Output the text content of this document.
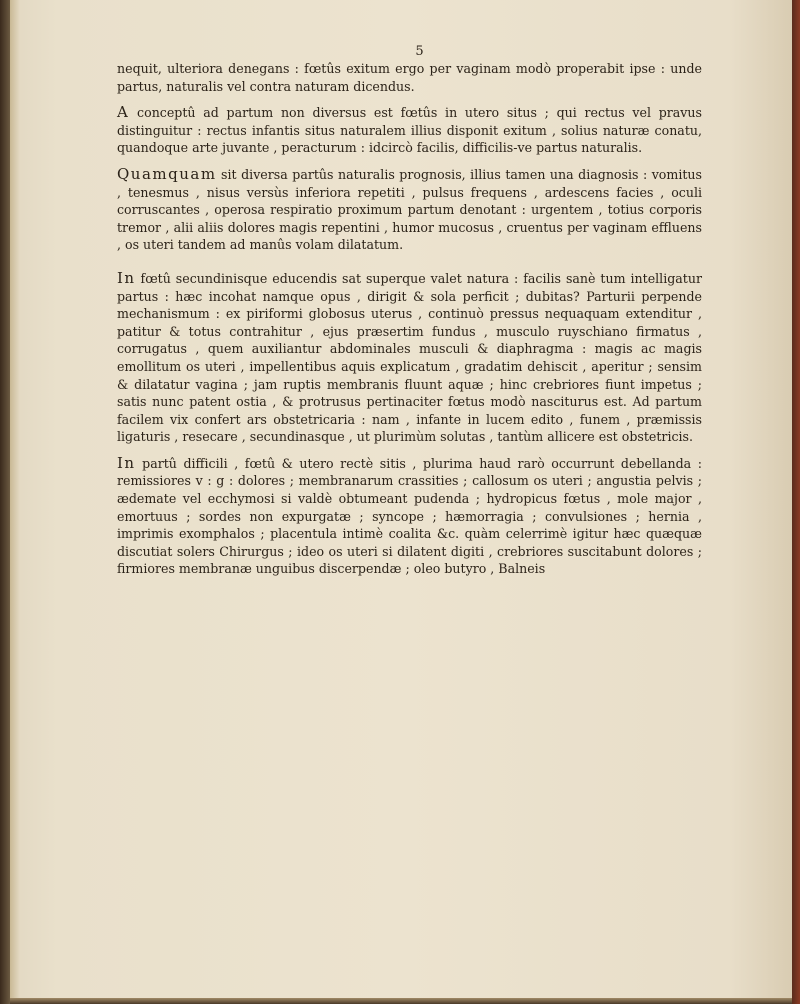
5

nequit, ulteriora denegans : fœtûs exitum ergo per vaginam modò properabit ipse : unde partus, naturalis vel contra naturam dicendus.

A conceptû ad partum non diversus est fœtûs in utero situs ; qui rectus vel pravus distinguitur : rectus infantis situs naturalem illius disponit exitum , solius naturæ conatu, quandoque arte juvante , peracturum : idcircò facilis, difficilis-ve partus naturalis.

Quamquam sit diversa partûs naturalis prognosis, illius tamen una diagnosis : vomitus , tenesmus , nisus versùs inferiora repetiti , pulsus frequens , ardescens facies , oculi corruscantes , operosa respiratio proximum partum denotant : urgentem , totius corporis tremor , alii aliis dolores magis repentini , humor mucosus , cruentus per vaginam effluens , os uteri tandem ad manûs volam dilatatum.

In fœtû secundinisque educendis sat superque valet natura : facilis sanè tum intelligatur partus : hæc incohat namque opus , dirigit & sola perficit ; dubitas? Parturii perpende mechanismum : ex piriformi globosus uterus , continuò pressus nequaquam extenditur , patitur & totus contrahitur , ejus præsertim fundus , musculo ruyschiano firmatus , corrugatus , quem auxiliantur abdominales musculi & diaphragma : magis ac magis emollitum os uteri , impellentibus aquis explicatum , gradatim dehiscit , aperitur ; sensim & dilatatur vagina ; jam ruptis membranis fluunt aquæ ; hinc crebriores fiunt impetus ; satis nunc patent ostia , & protrusus pertinaciter fœtus modò nasciturus est. Ad partum facilem vix confert ars obstetricaria : nam , infante in lucem edito , funem , præmissis ligaturis , resecare , secundinasque , ut plurimùm solutas , tantùm allicere est obstetricis.

In partû difficili , fœtû & utero rectè sitis , plurima haud rarò occurrunt debellanda : remissiores v : g : dolores ; membranarum crassities ; callosum os uteri ; angustia pelvis ; ædemate vel ecchymosi si valdè obtumeant pudenda ; hydropicus fœtus , mole major , emortuus ; sordes non expurgatæ ; syncope ; hæmorragia ; convulsiones ; hernia , imprimis exomphalos ; placentula intimè coalita &c. quàm celerrimè igitur hæc quæquæ discutiat solers Chirurgus ; ideo os uteri si dilatent digiti , crebriores suscitabunt dolores ; firmiores membranæ unguibus discerpendæ ; oleo butyro , Balneis
